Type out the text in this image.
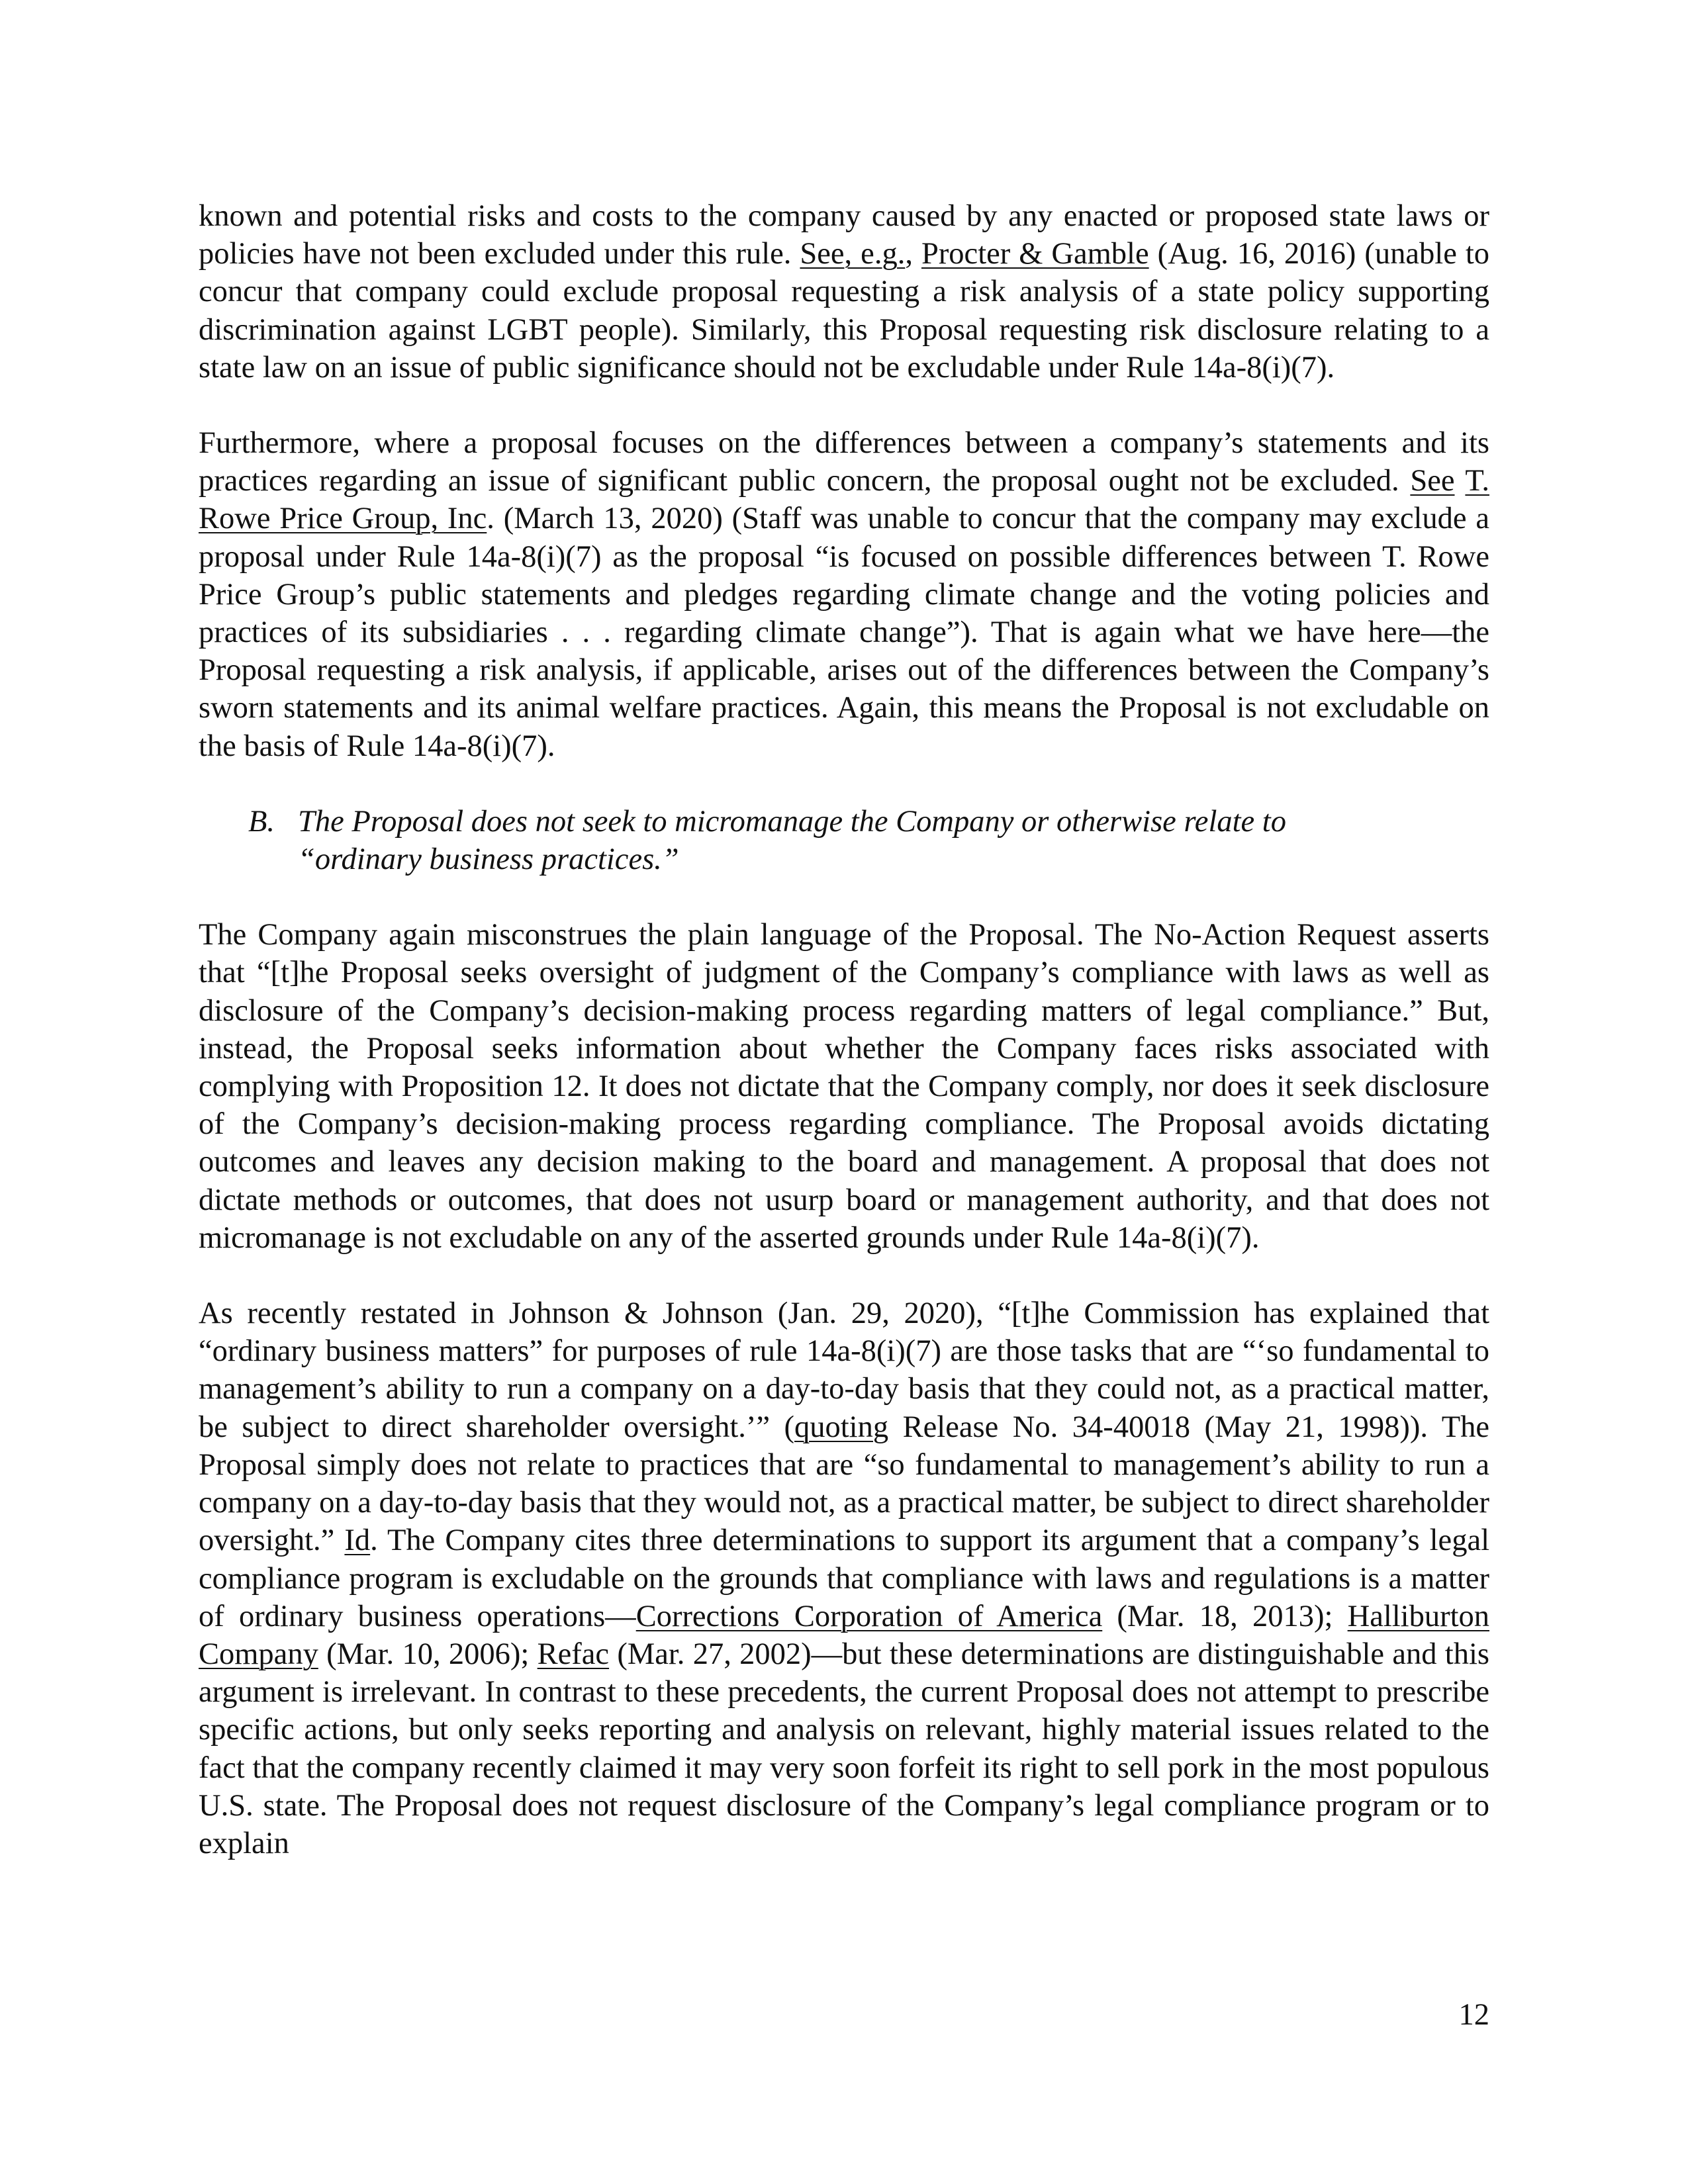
known and potential risks and costs to the company caused by any enacted or proposed state laws or policies have not been excluded under this rule. See, e.g., Procter & Gamble (Aug. 16, 2016) (unable to concur that company could exclude proposal requesting a risk analysis of a state policy supporting discrimination against LGBT people). Similarly, this Proposal requesting risk disclosure relating to a state law on an issue of public significance should not be excludable under Rule 14a-8(i)(7).

Furthermore, where a proposal focuses on the differences between a company’s statements and its practices regarding an issue of significant public concern, the proposal ought not be excluded. See T. Rowe Price Group, Inc. (March 13, 2020) (Staff was unable to concur that the company may exclude a proposal under Rule 14a-8(i)(7) as the proposal “is focused on possible differences between T. Rowe Price Group’s public statements and pledges regarding climate change and the voting policies and practices of its subsidiaries . . . regarding climate change”). That is again what we have here—the Proposal requesting a risk analysis, if applicable, arises out of the differences between the Company’s sworn statements and its animal welfare practices. Again, this means the Proposal is not excludable on the basis of Rule 14a-8(i)(7).

B. The Proposal does not seek to micromanage the Company or otherwise relate to “ordinary business practices.”

The Company again misconstrues the plain language of the Proposal. The No-Action Request asserts that “[t]he Proposal seeks oversight of judgment of the Company’s compliance with laws as well as disclosure of the Company’s decision-making process regarding matters of legal compliance.” But, instead, the Proposal seeks information about whether the Company faces risks associated with complying with Proposition 12. It does not dictate that the Company comply, nor does it seek disclosure of the Company’s decision-making process regarding compliance. The Proposal avoids dictating outcomes and leaves any decision making to the board and management. A proposal that does not dictate methods or outcomes, that does not usurp board or management authority, and that does not micromanage is not excludable on any of the asserted grounds under Rule 14a-8(i)(7).

As recently restated in Johnson & Johnson (Jan. 29, 2020), “[t]he Commission has explained that “ordinary business matters” for purposes of rule 14a-8(i)(7) are those tasks that are “‘so fundamental to management’s ability to run a company on a day-to-day basis that they could not, as a practical matter, be subject to direct shareholder oversight.’” (quoting Release No. 34-40018 (May 21, 1998)). The Proposal simply does not relate to practices that are “so fundamental to management’s ability to run a company on a day-to-day basis that they would not, as a practical matter, be subject to direct shareholder oversight.” Id. The Company cites three determinations to support its argument that a company’s legal compliance program is excludable on the grounds that compliance with laws and regulations is a matter of ordinary business operations—Corrections Corporation of America (Mar. 18, 2013); Halliburton Company (Mar. 10, 2006); Refac (Mar. 27, 2002)—but these determinations are distinguishable and this argument is irrelevant. In contrast to these precedents, the current Proposal does not attempt to prescribe specific actions, but only seeks reporting and analysis on relevant, highly material issues related to the fact that the company recently claimed it may very soon forfeit its right to sell pork in the most populous U.S. state. The Proposal does not request disclosure of the Company’s legal compliance program or to explain

12
